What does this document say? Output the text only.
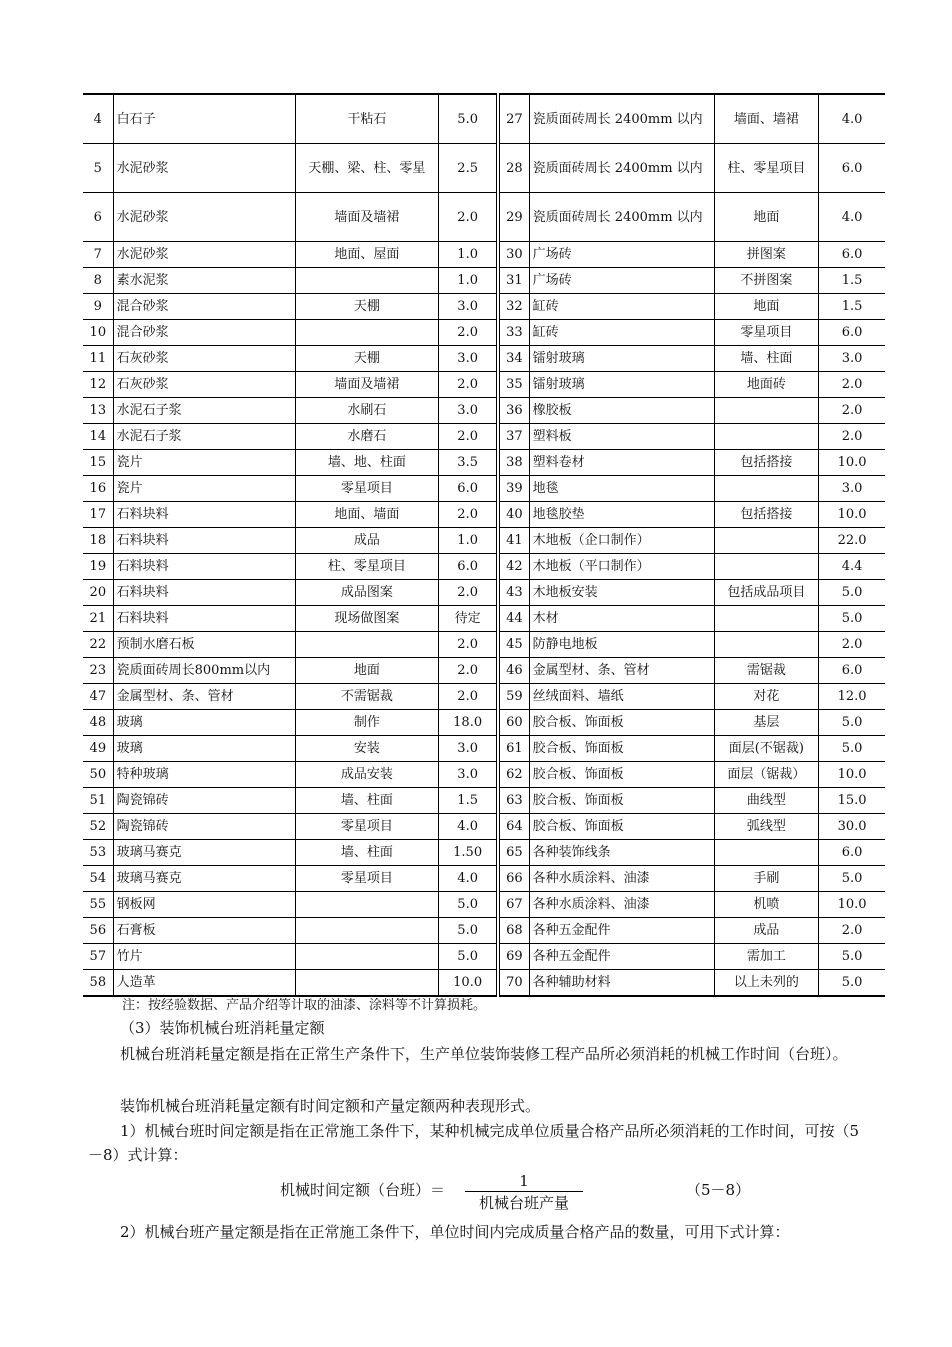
4	白石子	干粘石	5.0	27	瓷质面砖周长 2400mm 以内	墙面、墙裙	4.0
5	水泥砂浆	天棚、梁、柱、零星	2.5	28	瓷质面砖周长 2400mm 以内	柱、零星项目	6.0
6	水泥砂浆	墙面及墙裙	2.0	29	瓷质面砖周长 2400mm 以内	地面	4.0
7	水泥砂浆	地面、屋面	1.0	30	广场砖	拼图案	6.0
8	素水泥浆		1.0	31	广场砖	不拼图案	1.5
9	混合砂浆	天棚	3.0	32	缸砖	地面	1.5
10	混合砂浆		2.0	33	缸砖	零星项目	6.0
11	石灰砂浆	天棚	3.0	34	镭射玻璃	墙、柱面	3.0
12	石灰砂浆	墙面及墙裙	2.0	35	镭射玻璃	地面砖	2.0
13	水泥石子浆	水刷石	3.0	36	橡胶板		2.0
14	水泥石子浆	水磨石	2.0	37	塑料板		2.0
15	瓷片	墙、地、柱面	3.5	38	塑料卷材	包括搭接	10.0
16	瓷片	零星项目	6.0	39	地毯		3.0
17	石料块料	地面、墙面	2.0	40	地毯胶垫	包括搭接	10.0
18	石料块料	成品	1.0	41	木地板（企口制作）		22.0
19	石料块料	柱、零星项目	6.0	42	木地板（平口制作）		4.4
20	石料块料	成品图案	2.0	43	木地板安装	包括成品项目	5.0
21	石料块料	现场做图案	待定	44	木材		5.0
22	预制水磨石板		2.0	45	防静电地板		2.0
23	瓷质面砖周长800mm以内	地面	2.0	46	金属型材、条、管材	需锯裁	6.0
47	金属型材、条、管材	不需锯裁	2.0	59	丝绒面料、墙纸	对花	12.0
48	玻璃	制作	18.0	60	胶合板、饰面板	基层	5.0
49	玻璃	安装	3.0	61	胶合板、饰面板	面层(不锯裁)	5.0
50	特种玻璃	成品安装	3.0	62	胶合板、饰面板	面层（锯裁）	10.0
51	陶瓷锦砖	墙、柱面	1.5	63	胶合板、饰面板	曲线型	15.0
52	陶瓷锦砖	零星项目	4.0	64	胶合板、饰面板	弧线型	30.0
53	玻璃马赛克	墙、柱面	1.50	65	各种装饰线条		6.0
54	玻璃马赛克	零星项目	4.0	66	各种水质涂料、油漆	手刷	5.0
55	钢板网		5.0	67	各种水质涂料、油漆	机喷	10.0
56	石膏板		5.0	68	各种五金配件	成品	2.0
57	竹片		5.0	69	各种五金配件	需加工	5.0
58	人造革		10.0	70	各种辅助材料	以上未列的	5.0
注：按经验数据、产品介绍等计取的油漆、涂料等不计算损耗。
（3）装饰机械台班消耗量定额
机械台班消耗量定额是指在正常生产条件下，生产单位装饰装修工程产品所必须消耗的机械工作时间（台班）。
装饰机械台班消耗量定额有时间定额和产量定额两种表现形式。
1）机械台班时间定额是指在正常施工条件下，某种机械完成单位质量合格产品所必须消耗的工作时间，可按（5－8）式计算：
机械时间定额（台班）＝	1
机械台班产量
（5－8）
2）机械台班产量定额是指在正常施工条件下，单位时间内完成质量合格产品的数量，可用下式计算：
